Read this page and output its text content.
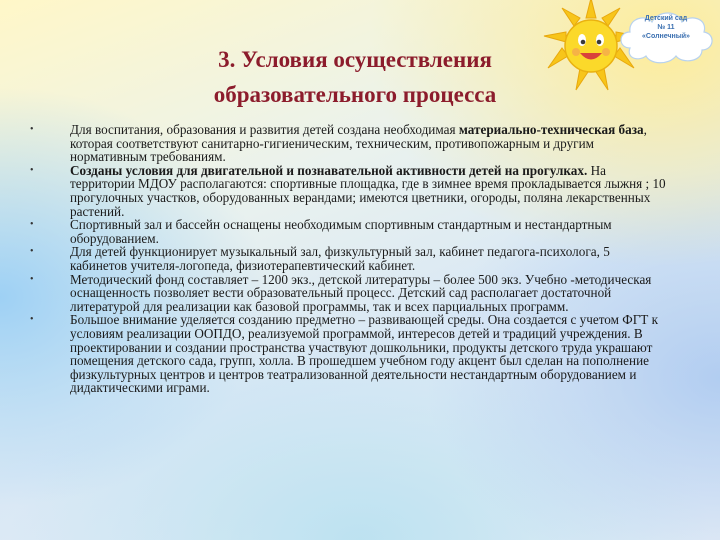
Детский сад
№ 11
«Солнечный»
3. Условия осуществления
образовательного процесса
•	Для воспитания, образования и развития детей создана необходимая материально-техническая база, которая соответствуют санитарно-гигиеническим, техническим, противопожарным и другим нормативным требованиям.
•	Созданы условия для двигательной и познавательной активности детей на прогулках. На территории МДОУ располагаются: спортивные площадка, где в зимнее время прокладывается лыжня ; 10 прогулочных участков, оборудованных верандами; имеются цветники, огороды, поляна лекарственных растений.
•	Спортивный зал и бассейн оснащены необходимым спортивным стандартным и нестандартным оборудованием.
•	Для детей функционирует музыкальный зал, физкультурный зал, кабинет педагога-психолога, 5 кабинетов учителя-логопеда, физиотерапевтический кабинет.
•	Методический фонд составляет – 1200 экз., детской литературы – более 500 экз. Учебно -методическая оснащенность позволяет вести образовательный процесс. Детский сад располагает достаточной литературой для реализации как базовой программы, так и всех парциальных программ.
•	Большое внимание уделяется созданию предметно – развивающей среды. Она создается с учетом ФГТ к условиям реализации ООПДО, реализуемой программой, интересов детей и традиций учреждения. В проектировании и создании пространства участвуют дошкольники, продукты детского труда украшают помещения детского сада, групп, холла. В прошедшем учебном году акцент был сделан на пополнение физкультурных центров и центров театрализованной деятельности нестандартным оборудованием и дидактическими играми.
